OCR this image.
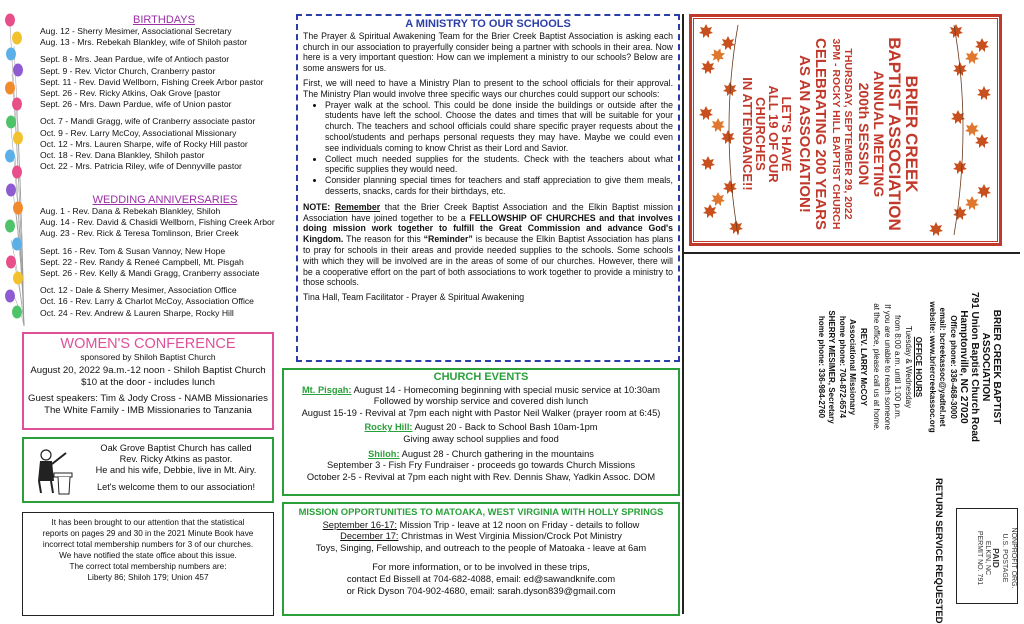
BIRTHDAYS
Aug. 12 - Sherry Mesimer, Associational Secretary
Aug. 13 - Mrs. Rebekah Blankley, wife of Shiloh pastor
Sept. 8 - Mrs. Jean Pardue, wife of Antioch pastor
Sept. 9 - Rev. Victor Church, Cranberry pastor
Sept. 11 - Rev. David Wellborn, Fishing Creek Arbor pastor
Sept. 26 - Rev. Ricky Atkins, Oak Grove [pastor
Sept. 26 - Mrs. Dawn Pardue, wife of Union pastor
Oct. 7 - Mandi Gragg, wife of Cranberry associate pastor
Oct. 9 - Rev. Larry McCoy, Associational Missionary
Oct. 12 - Mrs. Lauren Sharpe, wife of Rocky Hill pastor
Oct. 18 - Rev. Dana Blankley, Shiloh pastor
Oct. 22 - Mrs. Patricia Riley, wife of Dennyville pastor
WEDDING ANNIVERSARIES
Aug. 1 - Rev. Dana & Rebekah Blankley, Shiloh
Aug. 14 - Rev. David & Chasidi Wellborn, Fishing Creek Arbor
Aug. 23 - Rev. Rick & Teresa Tomlinson, Brier Creek
Sept. 16 - Rev. Tom & Susan Vannoy, New Hope
Sept. 22 - Rev. Randy & Reneé Campbell, Mt. Pisgah
Sept. 26 - Rev. Kelly & Mandi Gragg, Cranberry associate
Oct. 12 - Dale & Sherry Mesimer, Association Office
Oct. 16 - Rev. Larry & Charlot McCoy, Association Office
Oct. 24 - Rev. Andrew & Lauren Sharpe, Rocky Hill
WOMEN'S CONFERENCE
sponsored by Shiloh Baptist Church
August 20, 2022 9a.m.-12 noon - Shiloh Baptist Church
$10 at the door - includes lunch
Guest speakers: Tim & Jody Cross - NAMB Missionaries
The White Family - IMB Missionaries to Tanzania
Oak Grove Baptist Church has called
Rev. Ricky Atkins as pastor.
He and his wife, Debbie, live in Mt. Airy.
Let's welcome them to our association!
It has been brought to our attention that the statistical
reports on pages 29 and 30 in the 2021 Minute Book have
incorrect total membership numbers for 3 of our churches.
We have notified the state office about this issue.
The correct total membership numbers are:
Liberty 86; Shiloh 179; Union 457
A MINISTRY TO OUR SCHOOLS

The Prayer & Spiritual Awakening Team for the Brier Creek Baptist Association is asking each church in our association to prayerfully consider being a partner with schools in their area. Now here is a very important question: How can we implement a ministry to our schools? Below are some answers for us.

First, we will need to have a Ministry Plan to present to the school officials for their approval. The Ministry Plan would involve three specific ways our churches could support our schools:

• Prayer walk at the school. This could be done inside the buildings or outside after the students have left the school. Choose the dates and times that will be suitable for your church. The teachers and school officials could share specific prayer requests about the school/students and perhaps personal requests they may have. Maybe we could even see individuals coming to know Christ as their Lord and Savior.
• Collect much needed supplies for the students. Check with the teachers about what specific supplies they would need.
• Consider planning special times for teachers and staff appreciation to give them meals, desserts, snacks, cards for their birthdays, etc.

NOTE: Remember that the Brier Creek Baptist Association and the Elkin Baptist mission Association have joined together to be a FELLOWSHIP OF CHURCHES and that involves doing mission work together to fulfill the Great Commission and advance God's Kingdom. The reason for this “Reminder” is because the Elkin Baptist Association has plans to pray for schools in their areas and provide needed supplies to the schools. Some schools with which they will be involved are in the areas of some of our churches. However, there will be a cooperative effort on the part of both associations to work together to provide a ministry to those schools.

Tina Hall, Team Facilitator - Prayer & Spiritual Awakening
CHURCH EVENTS
Mt. Pisgah: August 14 - Homecoming beginning with special music service at 10:30am
Followed by worship service and covered dish lunch
August 15-19 - Revival at 7pm each night with Pastor Neil Walker (prayer room at 6:45)
Rocky Hill: August 20 - Back to School Bash 10am-1pm
Giving away school supplies and food
Shiloh: August 28 - Church gathering in the mountains
September 3 - Fish Fry Fundraiser - proceeds go towards Church Missions
October 2-5 - Revival at 7pm each night with Rev. Dennis Shaw, Yadkin Assoc. DOM
MISSION OPPORTUNITIES TO MATOAKA, WEST VIRGINIA WITH HOLLY SPRINGS
September 16-17: Mission Trip - leave at 12 noon on Friday - details to follow
December 17: Christmas in West Virginia Mission/Crock Pot Ministry
Toys, Singing, Fellowship, and outreach to the people of Matoaka - leave at 6am
For more information, or to be involved in these trips,
contact Ed Bissell at 704-682-4088, email: ed@sawandknife.com
or Rick Dyson 704-902-4680, email: sarah.dyson839@gmail.com
BRIER CREEK
BAPTIST ASSOCIATION
ANNUAL MEETING
200th SESSION
THURSDAY, SEPTEMBER 29, 2022
3PM - ROCKY HILL BAPTIST CHURCH
CELEBRATING 200 YEARS
AS AN ASSOCIATION!
LET'S HAVE
ALL 19 OF OUR
CHURCHES
IN ATTENDANCE!!
BRIER CREEK BAPTIST
ASSOCIATION
791 Union Baptist Church Road
Hamptonville, NC 27020
Office phone: 336-468-3000
email: bcreekassoc@yadtel.net
website: www.briercreekassoc.org
OFFICE HOURS
Tuesday & Wednesday
from 8:00 a.m. until 1:00 p.m.
If you are unable to reach someone
at the office, please call us at home.
REV. LARRY McCOY
Associational Missionary
home phone: 704-872-6574
SHERRY MESIMER, Secretary
home phone: 336-984-2760
RETURN SERVICE REQUESTED	NONPROFIT ORG.
U.S. POSTAGE
PAID
ELKIN, NC
PERMIT NO. 791
